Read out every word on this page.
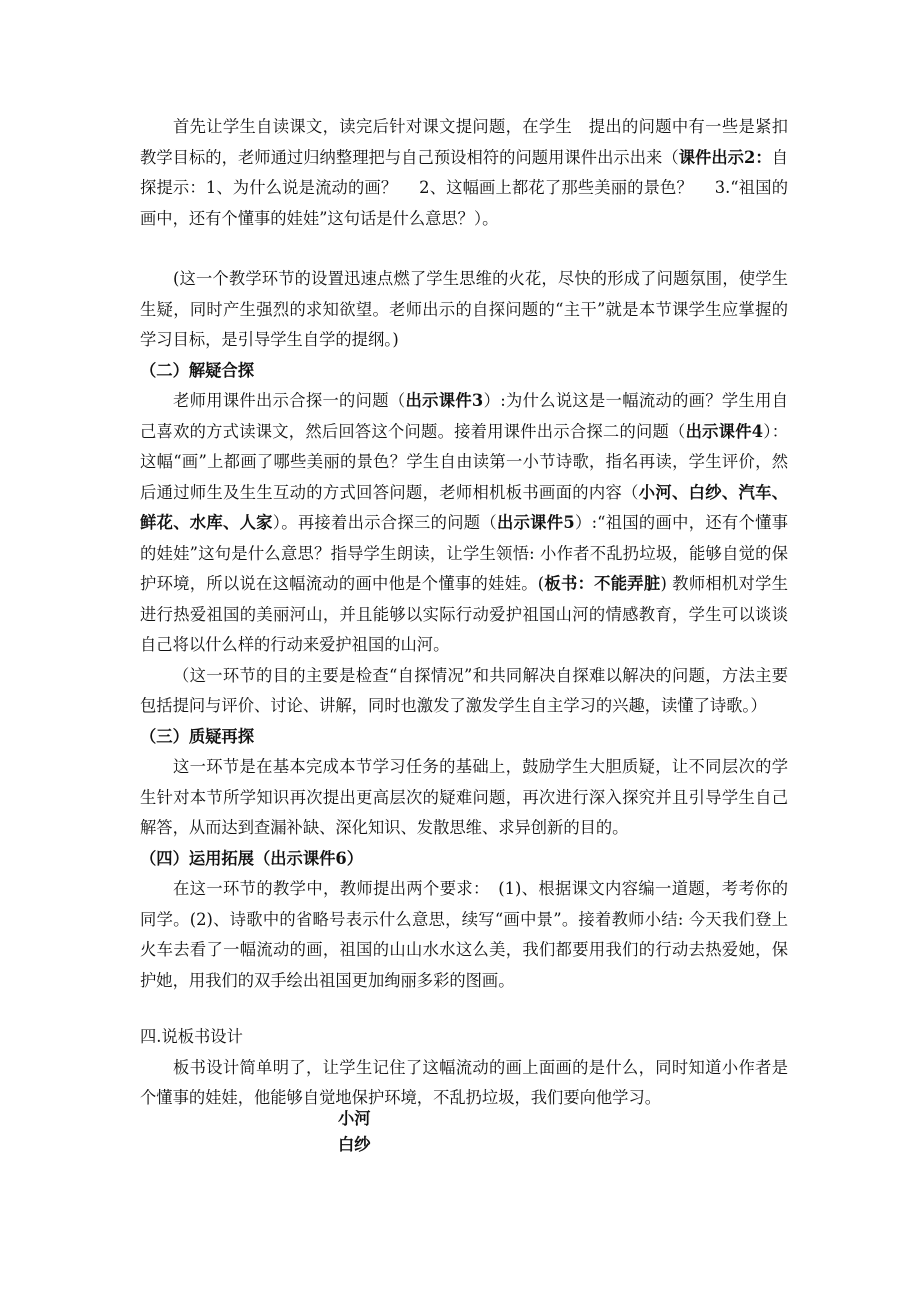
首先让学生自读课文，读完后针对课文提问题，在学生　提出的问题中有一些是紧扣教学目标的，老师通过归纳整理把与自己预设相符的问题用课件出示出来（课件出示2：自探提示：1、为什么说是流动的画？　 2、这幅画上都花了那些美丽的景色？　 3.“祖国的画中，还有个懂事的娃娃”这句话是什么意思？）。

(这一个教学环节的设置迅速点燃了学生思维的火花，尽快的形成了问题氛围，使学生生疑，同时产生强烈的求知欲望。老师出示的自探问题的“主干”就是本节课学生应掌握的学习目标，是引导学生自学的提纲。)

（二）解疑合探

老师用课件出示合探一的问题（出示课件3）:为什么说这是一幅流动的画？学生用自己喜欢的方式读课文，然后回答这个问题。接着用课件出示合探二的问题（出示课件4）：这幅“画”上都画了哪些美丽的景色？学生自由读第一小节诗歌，指名再读，学生评价，然后通过师生及生生互动的方式回答问题，老师相机板书画面的内容（小河、白纱、汽车、鲜花、水库、人家）。再接着出示合探三的问题（出示课件5）:“祖国的画中，还有个懂事的娃娃”这句是什么意思？指导学生朗读，让学生领悟: 小作者不乱扔垃圾，能够自觉的保护环境，所以说在这幅流动的画中他是个懂事的娃娃。(板书：不能弄脏) 教师相机对学生进行热爱祖国的美丽河山，并且能够以实际行动爱护祖国山河的情感教育，学生可以谈谈自己将以什么样的行动来爱护祖国的山河。

（这一环节的目的主要是检查“自探情况”和共同解决自探难以解决的问题，方法主要包括提问与评价、讨论、讲解，同时也激发了激发学生自主学习的兴趣，读懂了诗歌。）

（三）质疑再探

这一环节是在基本完成本节学习任务的基础上，鼓励学生大胆质疑，让不同层次的学生针对本节所学知识再次提出更高层次的疑难问题，再次进行深入探究并且引导学生自己解答，从而达到查漏补缺、深化知识、发散思维、求异创新的目的。

（四）运用拓展（出示课件6）

在这一环节的教学中，教师提出两个要求：　(1)、根据课文内容编一道题，考考你的同学。(2)、诗歌中的省略号表示什么意思，续写“画中景”。接着教师小结: 今天我们登上火车去看了一幅流动的画，祖国的山山水水这么美，我们都要用我们的行动去热爱她，保护她，用我们的双手绘出祖国更加绚丽多彩的图画。

四.说板书设计

板书设计简单明了，让学生记住了这幅流动的画上面画的是什么，同时知道小作者是个懂事的娃娃，他能够自觉地保护环境，不乱扔垃圾，我们要向他学习。

小河
白纱
